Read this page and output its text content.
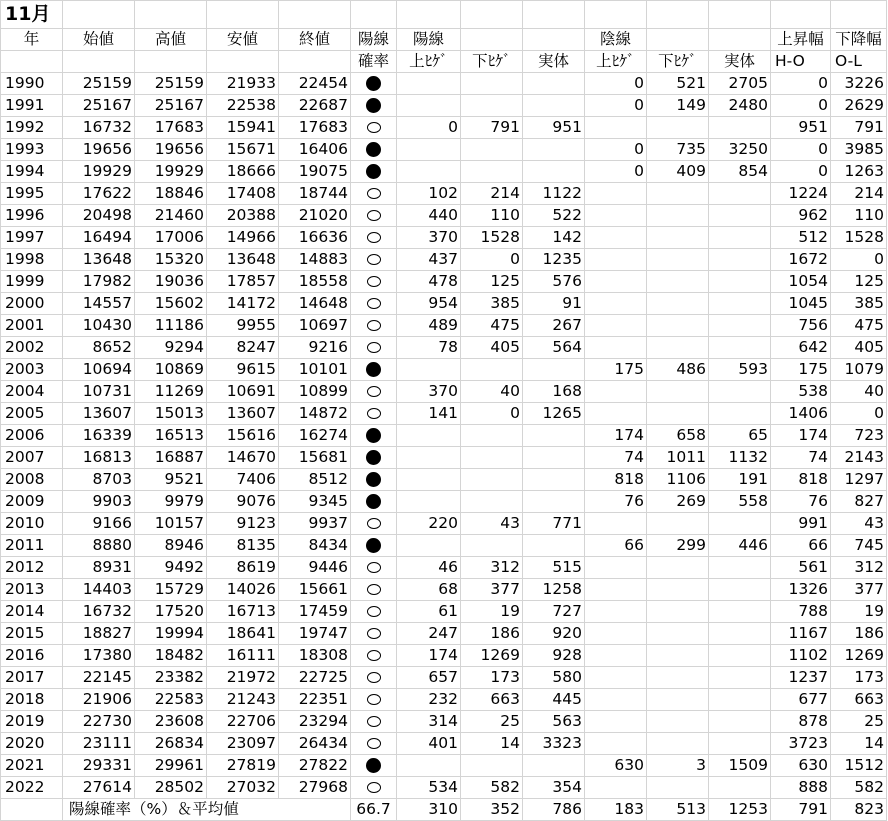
11月													
年	始値	高値	安値	終値	陽線	陽線			陰線			上昇幅	下降幅
					確率	上ﾋｹﾞ	下ﾋｹﾞ	実体	上ﾋｹﾞ	下ﾋｹﾞ	実体	H-O	O-L
1990	25159	25159	21933	22454					0	521	2705	0	3226
1991	25167	25167	22538	22687					0	149	2480	0	2629
1992	16732	17683	15941	17683		0	791	951				951	791
1993	19656	19656	15671	16406					0	735	3250	0	3985
1994	19929	19929	18666	19075					0	409	854	0	1263
1995	17622	18846	17408	18744		102	214	1122				1224	214
1996	20498	21460	20388	21020		440	110	522				962	110
1997	16494	17006	14966	16636		370	1528	142				512	1528
1998	13648	15320	13648	14883		437	0	1235				1672	0
1999	17982	19036	17857	18558		478	125	576				1054	125
2000	14557	15602	14172	14648		954	385	91				1045	385
2001	10430	11186	9955	10697		489	475	267				756	475
2002	8652	9294	8247	9216		78	405	564				642	405
2003	10694	10869	9615	10101					175	486	593	175	1079
2004	10731	11269	10691	10899		370	40	168				538	40
2005	13607	15013	13607	14872		141	0	1265				1406	0
2006	16339	16513	15616	16274					174	658	65	174	723
2007	16813	16887	14670	15681					74	1011	1132	74	2143
2008	8703	9521	7406	8512					818	1106	191	818	1297
2009	9903	9979	9076	9345					76	269	558	76	827
2010	9166	10157	9123	9937		220	43	771				991	43
2011	8880	8946	8135	8434					66	299	446	66	745
2012	8931	9492	8619	9446		46	312	515				561	312
2013	14403	15729	14026	15661		68	377	1258				1326	377
2014	16732	17520	16713	17459		61	19	727				788	19
2015	18827	19994	18641	19747		247	186	920				1167	186
2016	17380	18482	16111	18308		174	1269	928				1102	1269
2017	22145	23382	21972	22725		657	173	580				1237	173
2018	21906	22583	21243	22351		232	663	445				677	663
2019	22730	23608	22706	23294		314	25	563				878	25
2020	23111	26834	23097	26434		401	14	3323				3723	14
2021	29331	29961	27819	27822					630	3	1509	630	1512
2022	27614	28502	27032	27968		534	582	354				888	582
	陽線確率（%）＆平均値				66.7	310	352	786	183	513	1253	791	823
